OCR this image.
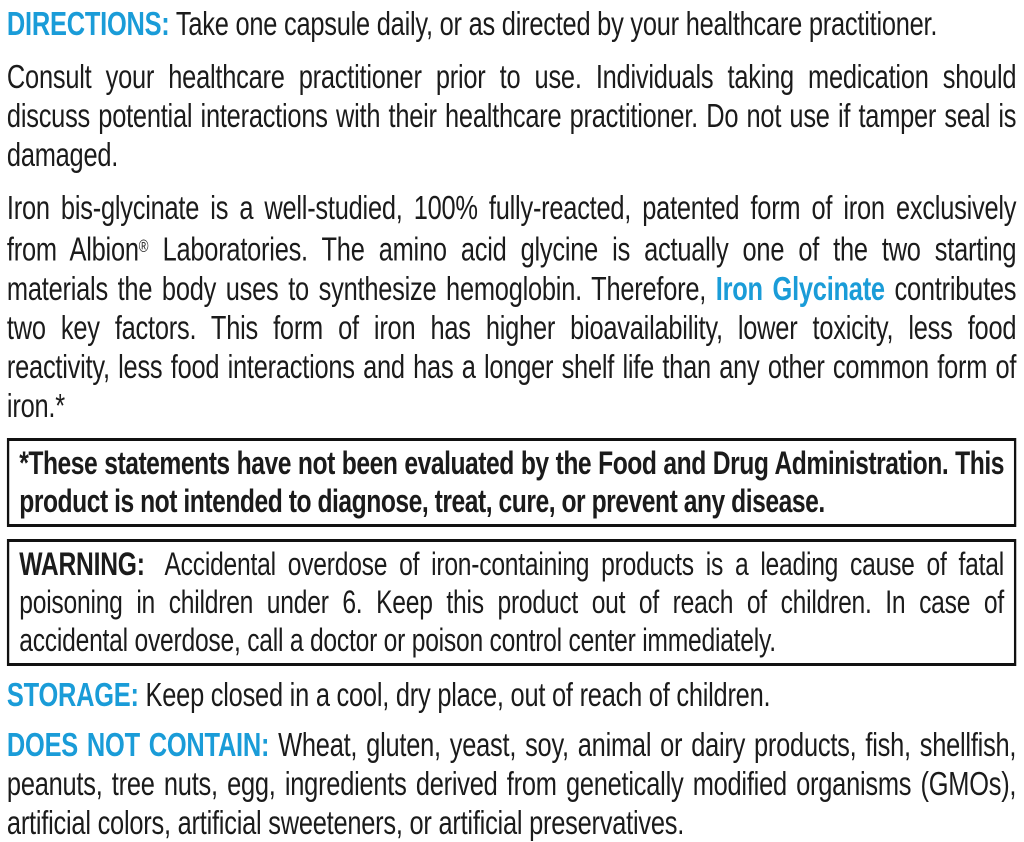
DIRECTIONS: Take one capsule daily, or as directed by your healthcare practitioner.

Consult your healthcare practitioner prior to use. Individuals taking medication should discuss potential interactions with their healthcare practitioner. Do not use if tamper seal is damaged.

Iron bis-glycinate is a well-studied, 100% fully-reacted, patented form of iron exclusively from Albion® Laboratories. The amino acid glycine is actually one of the two starting materials the body uses to synthesize hemoglobin. Therefore, Iron Glycinate contributes two key factors. This form of iron has higher bioavailability, lower toxicity, less food reactivity, less food interactions and has a longer shelf life than any other common form of iron.*

*These statements have not been evaluated by the Food and Drug Administration. This product is not intended to diagnose, treat, cure, or prevent any disease.
WARNING: Accidental overdose of iron-containing products is a leading cause of fatal poisoning in children under 6. Keep this product out of reach of children. In case of accidental overdose, call a doctor or poison control center immediately.

STORAGE: Keep closed in a cool, dry place, out of reach of children.

DOES NOT CONTAIN: Wheat, gluten, yeast, soy, animal or dairy products, fish, shellfish, peanuts, tree nuts, egg, ingredients derived from genetically modified organisms (GMOs), artificial colors, artificial sweeteners, or artificial preservatives.
